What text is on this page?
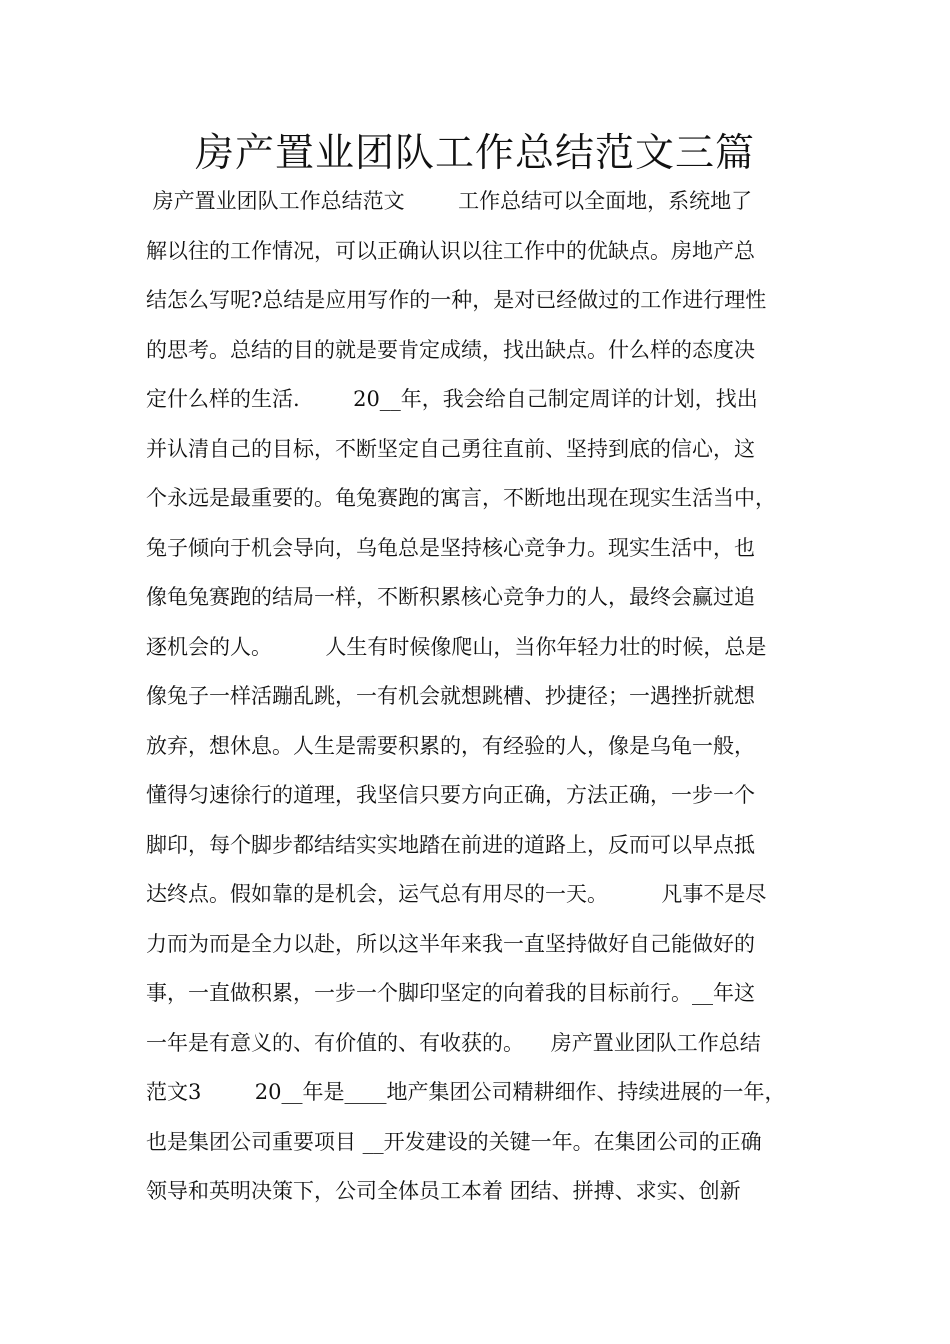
房产置业团队工作总结范文三篇
房产置业团队工作总结范文        工作总结可以全面地，系统地了
解以往的工作情况，可以正确认识以往工作中的优缺点。房地产总
结怎么写呢?总结是应用写作的一种，是对已经做过的工作进行理性
的思考。总结的目的就是要肯定成绩，找出缺点。什么样的态度决
定什么样的生活.        20__年，我会给自己制定周详的计划，找出
并认清自己的目标，不断坚定自己勇往直前、坚持到底的信心，这
个永远是最重要的。龟兔赛跑的寓言，不断地出现在现实生活当中，
兔子倾向于机会导向，乌龟总是坚持核心竞争力。现实生活中，也
像龟兔赛跑的结局一样，不断积累核心竞争力的人，最终会赢过追
逐机会的人。        人生有时候像爬山，当你年轻力壮的时候，总是
像兔子一样活蹦乱跳，一有机会就想跳槽、抄捷径；一遇挫折就想
放弃，想休息。人生是需要积累的，有经验的人，像是乌龟一般，
懂得匀速徐行的道理，我坚信只要方向正确，方法正确，一步一个
脚印，每个脚步都结结实实地踏在前进的道路上，反而可以早点抵
达终点。假如靠的是机会，运气总有用尽的一天。        凡事不是尽
力而为而是全力以赴，所以这半年来我一直坚持做好自己能做好的
事，一直做积累，一步一个脚印坚定的向着我的目标前行。__年这
一年是有意义的、有价值的、有收获的。    房产置业团队工作总结
范文3        20__年是____地产集团公司精耕细作、持续进展的一年，
也是集团公司重要项目 __开发建设的关键一年。在集团公司的正确
领导和英明决策下，公司全体员工本着 团结、拼搏、求实、创新
